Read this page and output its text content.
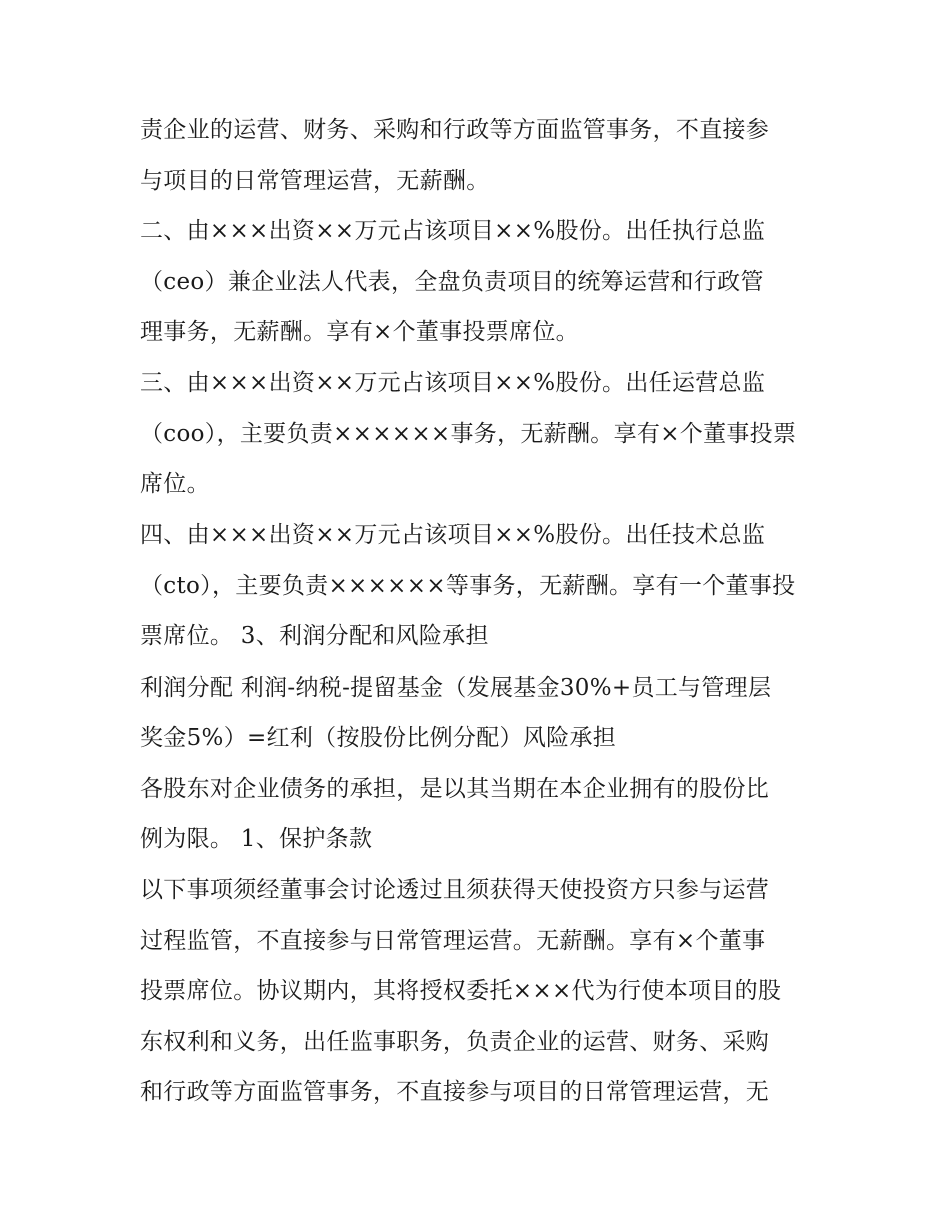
责企业的运营、财务、采购和行政等方面监管事务，不直接参
与项目的日常管理运营，无薪酬。
二、由×××出资××万元占该项目××%股份。出任执行总监
（ceo）兼企业法人代表，全盘负责项目的统筹运营和行政管
理事务，无薪酬。享有×个董事投票席位。
三、由×××出资××万元占该项目××%股份。出任运营总监
（coo），主要负责××××××事务，无薪酬。享有×个董事投票
席位。
四、由×××出资××万元占该项目××%股份。出任技术总监
（cto），主要负责××××××等事务，无薪酬。享有一个董事投
票席位。 3、利润分配和风险承担
利润分配 利润-纳税-提留基金（发展基金30%+员工与管理层
奖金5%）=红利（按股份比例分配）风险承担
各股东对企业债务的承担，是以其当期在本企业拥有的股份比
例为限。 1、保护条款
以下事项须经董事会讨论透过且须获得天使投资方只参与运营
过程监管，不直接参与日常管理运营。无薪酬。享有×个董事
投票席位。协议期内，其将授权委托×××代为行使本项目的股
东权利和义务，出任监事职务，负责企业的运营、财务、采购
和行政等方面监管事务，不直接参与项目的日常管理运营，无
